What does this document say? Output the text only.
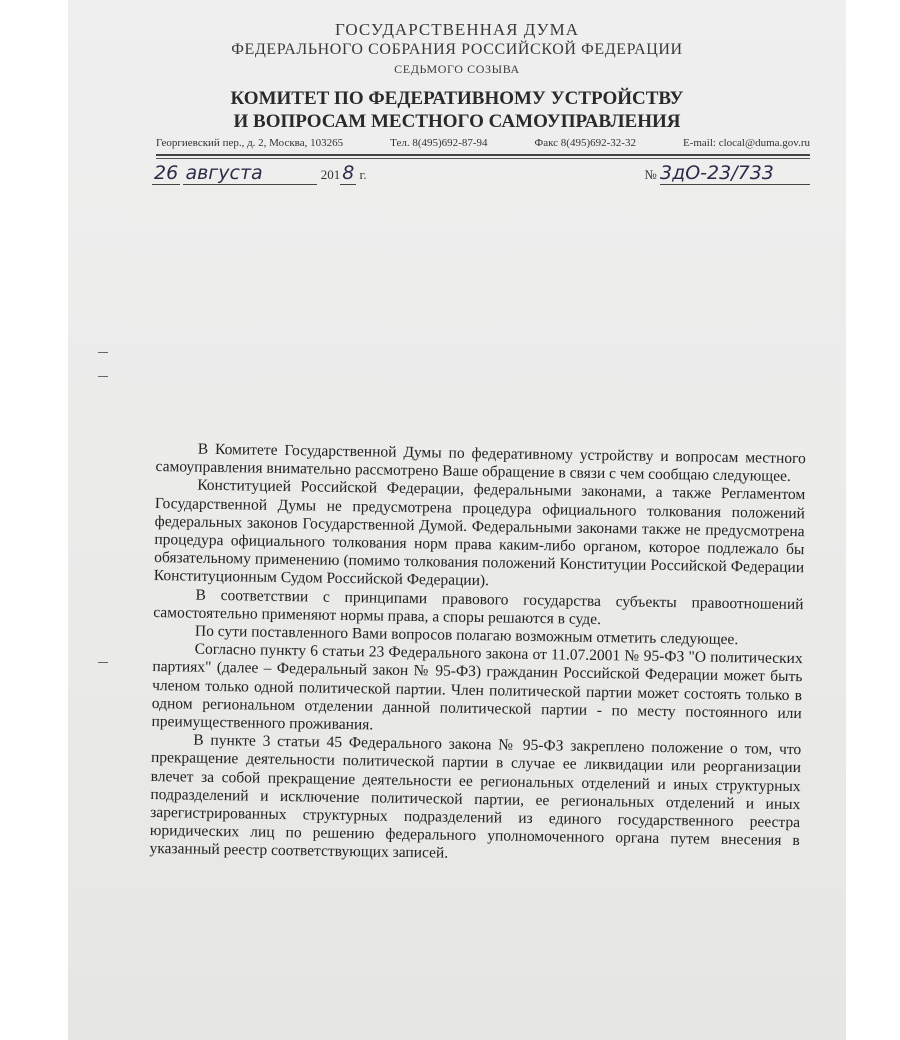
ГОСУДАРСТВЕННАЯ ДУМА
ФЕДЕРАЛЬНОГО СОБРАНИЯ РОССИЙСКОЙ ФЕДЕРАЦИИ
СЕДЬМОГО СОЗЫВА
КОМИТЕТ ПО ФЕДЕРАТИВНОМУ УСТРОЙСТВУ
И ВОПРОСАМ МЕСТНОГО САМОУПРАВЛЕНИЯ
Георгиевский пер., д. 2, Москва, 103265	Тел. 8(495)692-87-94	Факс 8(495)692-32-32	E-mail: clocal@duma.gov.ru
26 августа	201 8 г.	№ 3дО-23/733

В Комитете Государственной Думы по федеративному устройству и вопросам местного самоуправления внимательно рассмотрено Ваше обращение в связи с чем сообщаю следующее.

Конституцией Российской Федерации, федеральными законами, а также Регламентом Государственной Думы не предусмотрена процедура официального толкования положений федеральных законов Государственной Думой. Федеральными законами также не предусмотрена процедура официального толкования норм права каким-либо органом, которое подлежало бы обязательному применению (помимо толкования положений Конституции Российской Федерации Конституционным Судом Российской Федерации).

В соответствии с принципами правового государства субъекты правоотношений самостоятельно применяют нормы права, а споры решаются в суде.

По сути поставленного Вами вопросов полагаю возможным отметить следующее.

Согласно пункту 6 статьи 23 Федерального закона от 11.07.2001 № 95-ФЗ "О политических партиях" (далее – Федеральный закон № 95-ФЗ) гражданин Российской Федерации может быть членом только одной политической партии. Член политической партии может состоять только в одном региональном отделении данной политической партии - по месту постоянного или преимущественного проживания.

В пункте 3 статьи 45 Федерального закона № 95-ФЗ закреплено положение о том, что прекращение деятельности политической партии в случае ее ликвидации или реорганизации влечет за собой прекращение деятельности ее региональных отделений и иных структурных подразделений и исключение политической партии, ее региональных отделений и иных зарегистрированных структурных подразделений из единого государственного реестра юридических лиц по решению федерального уполномоченного органа путем внесения в указанный реестр соответствующих записей.
